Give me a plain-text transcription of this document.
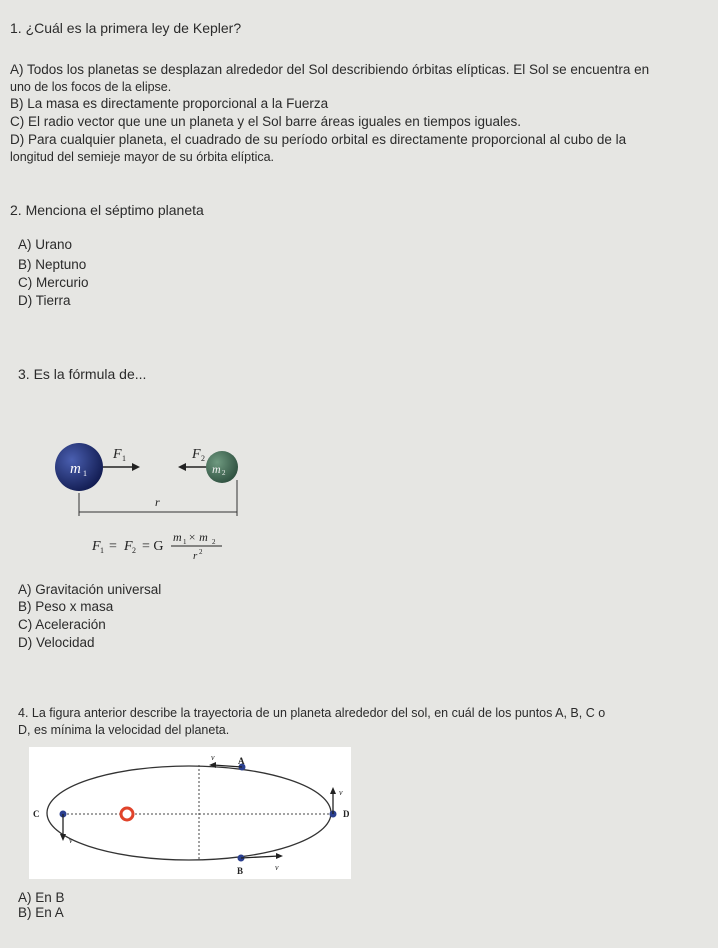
1. ¿Cuál es la primera ley de Kepler?
A) Todos los planetas se desplazan alrededor del Sol describiendo órbitas elípticas. El Sol se encuentra en
uno de los focos de la elipse.
B) La masa es directamente proporcional a la Fuerza
C) El radio vector que une un planeta y el Sol barre áreas iguales en tiempos iguales.
D) Para cualquier planeta, el cuadrado de su período orbital es directamente proporcional al cubo de la
longitud del semieje mayor de su órbita elíptica.
2. Menciona el séptimo planeta
A) Urano
B) Neptuno
C) Mercurio
D) Tierra
3. Es la fórmula de...
m 1
F 1	F 2
m 2
r
F 1 = F 2 = G
m 1 × m 2
r 2
A) Gravitación universal
B) Peso x masa
C) Aceleración
D) Velocidad
4. La figura anterior describe la trayectoria de un planeta alrededor del sol, en cuál de los puntos A, B, C o
D, es mínima la velocidad del planeta.
A
v
C
v
D
v
B	v
A) En B
B) En A
